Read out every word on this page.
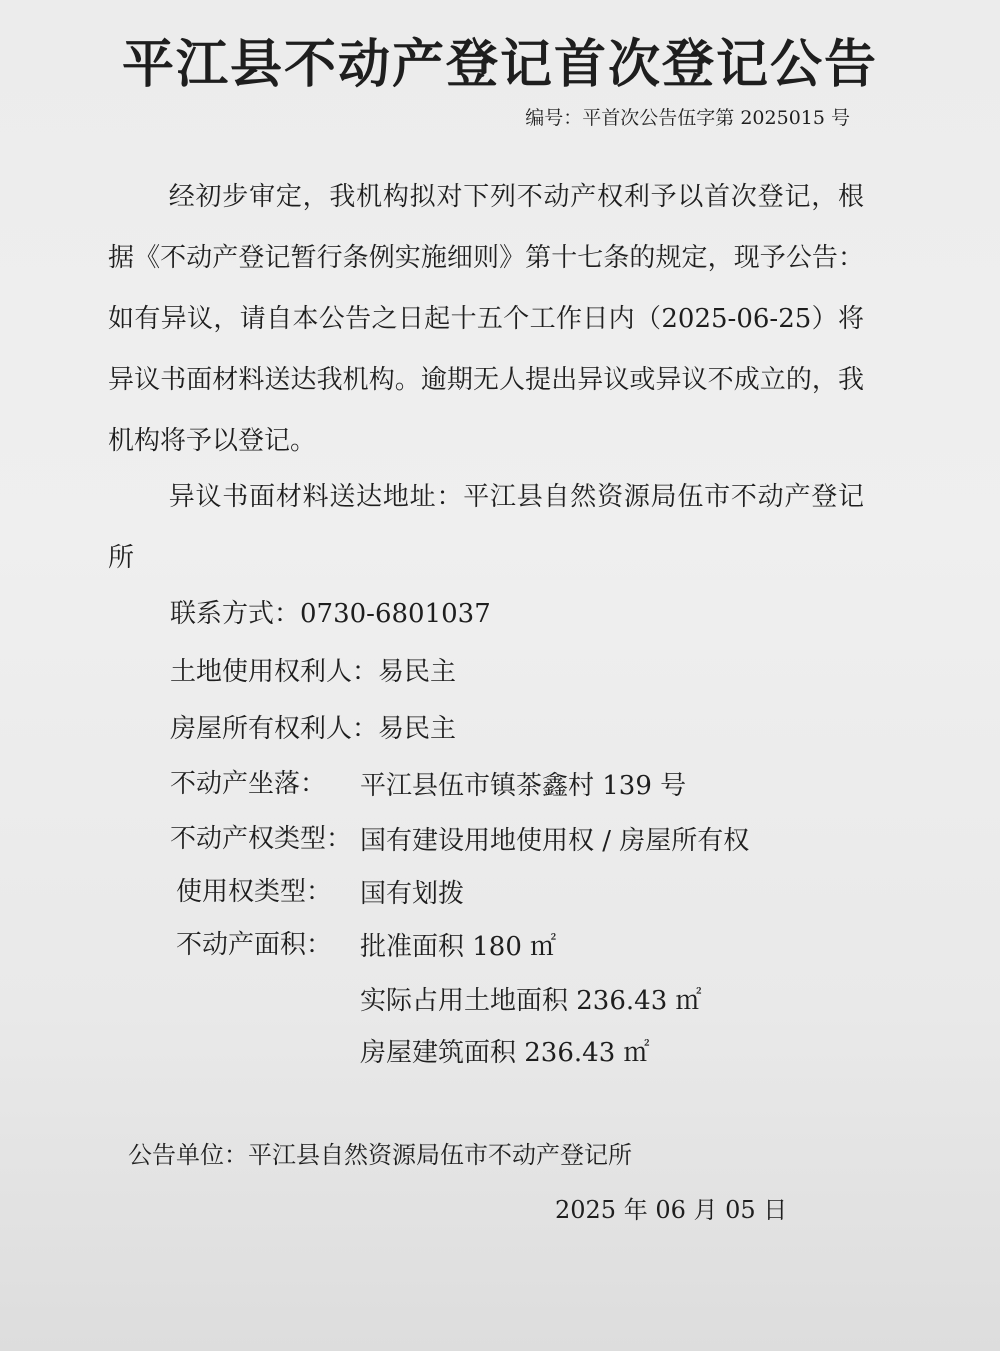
平江县不动产登记首次登记公告
编号：平首次公告伍字第 2025015 号
经初步审定，我机构拟对下列不动产权利予以首次登记，根据《不动产登记暂行条例实施细则》第十七条的规定，现予公告：如有异议，请自本公告之日起十五个工作日内（2025-06-25）将异议书面材料送达我机构。逾期无人提出异议或异议不成立的，我机构将予以登记。
异议书面材料送达地址：平江县自然资源局伍市不动产登记所
联系方式：0730-6801037
土地使用权利人：易民主
房屋所有权利人：易民主
不动产坐落： 平江县伍市镇茶鑫村 139 号
不动产权类型： 国有建设用地使用权 / 房屋所有权
使用权类型： 国有划拨
不动产面积： 批准面积 180 ㎡
实际占用土地面积 236.43 ㎡
房屋建筑面积 236.43 ㎡
公告单位：平江县自然资源局伍市不动产登记所
2025 年 06 月 05 日
